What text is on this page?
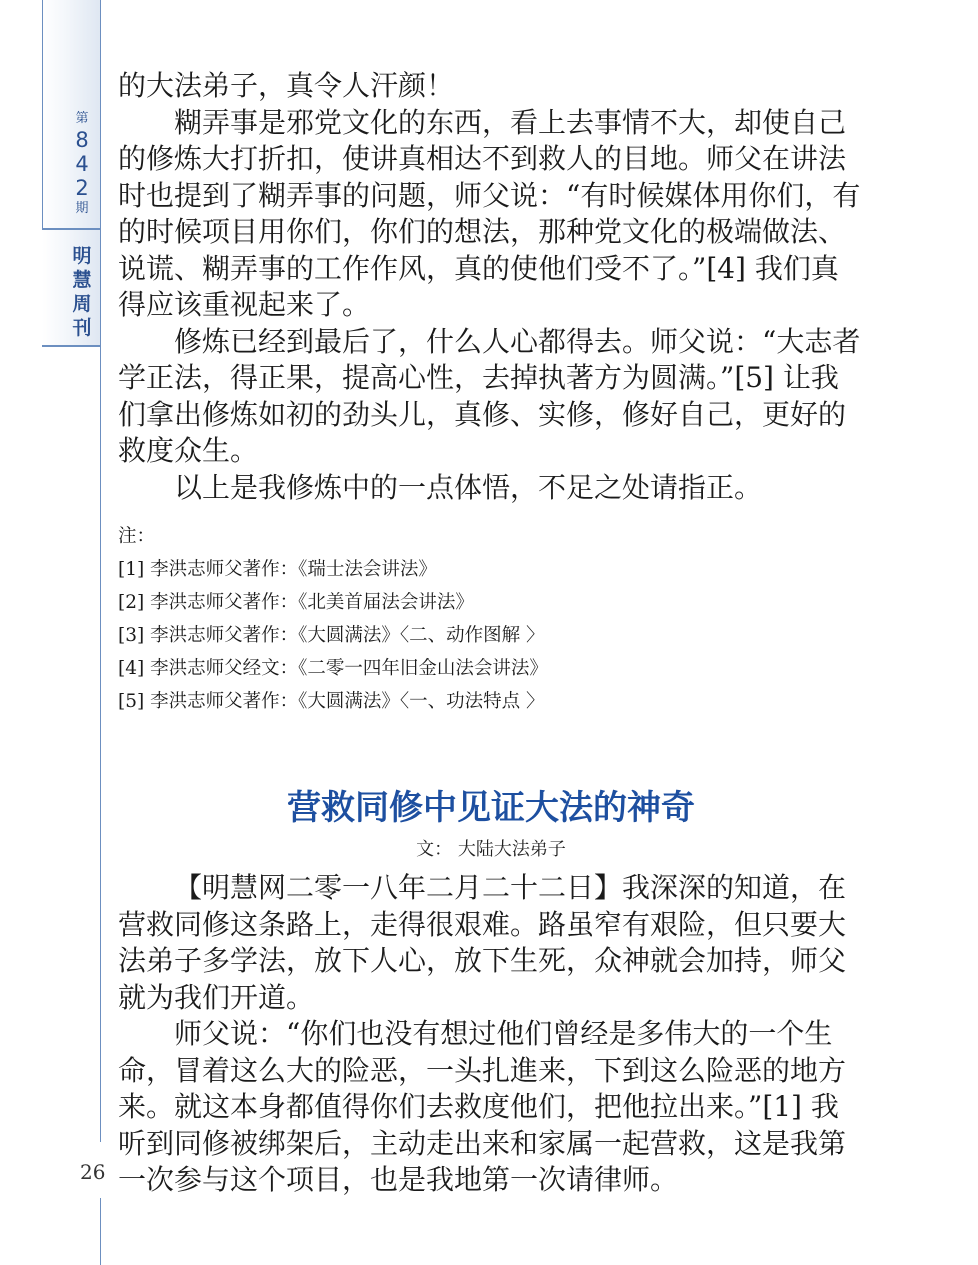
第
8
4
2
期
明
慧
周
刊
26

的大法弟子，真令人汗颜！

糊弄事是邪党文化的东西，看上去事情不大，却使自己的修炼大打折扣，使讲真相达不到救人的目地。师父在讲法时也提到了糊弄事的问题，师父说：“有时候媒体用你们，有的时候项目用你们，你们的想法，那种党文化的极端做法、说谎、糊弄事的工作作风，真的使他们受不了。”[4] 我们真得应该重视起来了。

修炼已经到最后了，什么人心都得去。师父说：“大志者学正法，得正果，提高心性，去掉执著方为圆满。”[5] 让我们拿出修炼如初的劲头儿，真修、实修，修好自己，更好的救度众生。

以上是我修炼中的一点体悟，不足之处请指正。

注：

[1] 李洪志师父著作：《瑞士法会讲法》

[2] 李洪志师父著作：《北美首届法会讲法》

[3] 李洪志师父著作：《大圆满法》〈二、动作图解 〉

[4] 李洪志师父经文：《二零一四年旧金山法会讲法》

[5] 李洪志师父著作：《大圆满法》〈一、功法特点 〉

营救同修中见证大法的神奇
文： 大陆大法弟子

【明慧网二零一八年二月二十二日】我深深的知道，在营救同修这条路上，走得很艰难。路虽窄有艰险，但只要大法弟子多学法，放下人心，放下生死，众神就会加持，师父就为我们开道。

师父说：“你们也没有想过他们曾经是多伟大的一个生命，冒着这么大的险恶，一头扎進来，下到这么险恶的地方来。就这本身都值得你们去救度他们，把他拉出来。”[1] 我听到同修被绑架后，主动走出来和家属一起营救，这是我第一次参与这个项目，也是我地第一次请律师。
